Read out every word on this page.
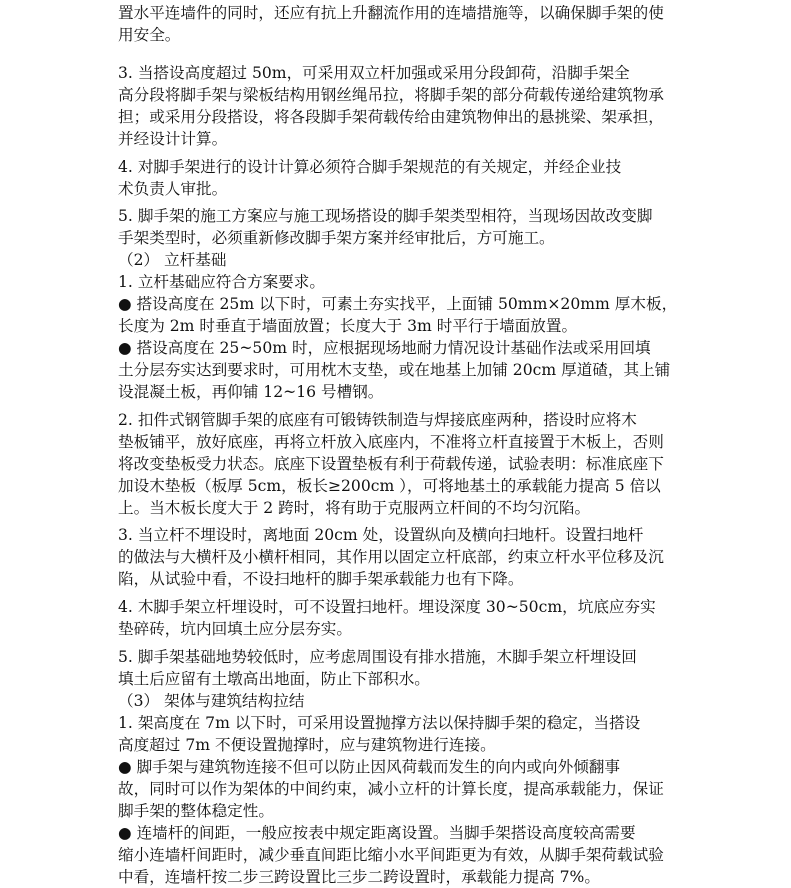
置水平连墙件的同时，还应有抗上升翻流作用的连墙措施等，以确保脚手架的使
用安全。
3. 当搭设高度超过 50m，可采用双立杆加强或采用分段卸荷，沿脚手架全
高分段将脚手架与梁板结构用钢丝绳吊拉，将脚手架的部分荷载传递给建筑物承
担；或采用分段搭设，将各段脚手架荷载传给由建筑物伸出的悬挑梁、架承担，
并经设计计算。
4. 对脚手架进行的设计计算必须符合脚手架规范的有关规定，并经企业技
术负责人审批。
5. 脚手架的施工方案应与施工现场搭设的脚手架类型相符，当现场因故改变脚
手架类型时，必须重新修改脚手架方案并经审批后，方可施工。
（2） 立杆基础
1. 立杆基础应符合方案要求。
● 搭设高度在 25m 以下时，可素土夯实找平，上面铺 50mm×20mm 厚木板，
长度为 2m 时垂直于墙面放置；长度大于 3m 时平行于墙面放置。
● 搭设高度在 25~50m 时，应根据现场地耐力情况设计基础作法或采用回填
土分层夯实达到要求时，可用枕木支垫，或在地基上加铺 20cm 厚道碴，其上铺
设混凝土板，再仰铺 12~16 号槽钢。
2. 扣件式钢管脚手架的底座有可锻铸铁制造与焊接底座两种，搭设时应将木
垫板铺平，放好底座，再将立杆放入底座内，不准将立杆直接置于木板上，否则
将改变垫板受力状态。底座下设置垫板有利于荷载传递，试验表明：标准底座下
加设木垫板（板厚 5cm，板长≥200cm ），可将地基土的承载能力提高 5 倍以
上。当木板长度大于 2 跨时，将有助于克服两立杆间的不均匀沉陷。
3. 当立杆不埋设时，离地面 20cm 处，设置纵向及横向扫地杆。设置扫地杆
的做法与大横杆及小横杆相同，其作用以固定立杆底部，约束立杆水平位移及沉
陷，从试验中看，不设扫地杆的脚手架承载能力也有下降。
4. 木脚手架立杆埋设时，可不设置扫地杆。埋设深度 30~50cm，坑底应夯实
垫碎砖，坑内回填土应分层夯实。
5. 脚手架基础地势较低时，应考虑周围设有排水措施，木脚手架立杆埋设回
填土后应留有土墩高出地面，防止下部积水。
（3） 架体与建筑结构拉结
1. 架高度在 7m 以下时，可采用设置抛撑方法以保持脚手架的稳定，当搭设
高度超过 7m 不便设置抛撑时，应与建筑物进行连接。
● 脚手架与建筑物连接不但可以防止因风荷载而发生的向内或向外倾翻事
故，同时可以作为架体的中间约束，减小立杆的计算长度，提高承载能力，保证
脚手架的整体稳定性。
● 连墙杆的间距，一般应按表中规定距离设置。当脚手架搭设高度较高需要
缩小连墙杆间距时，减少垂直间距比缩小水平间距更为有效，从脚手架荷载试验
中看，连墙杆按二步三跨设置比三步二跨设置时，承载能力提高 7%。
